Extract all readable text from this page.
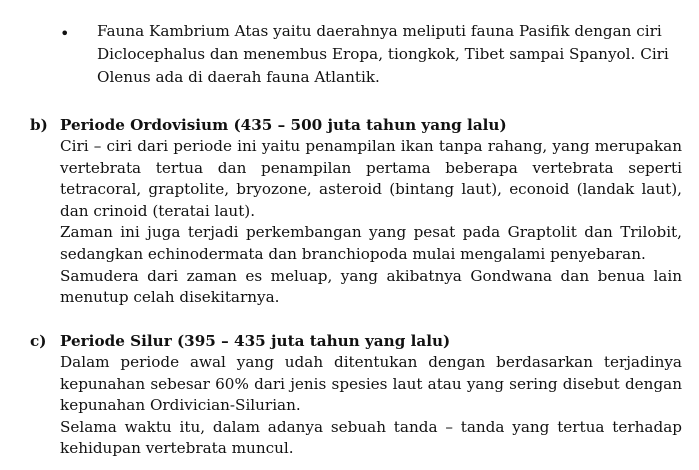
• Fauna Kambrium Atas yaitu daerahnya meliputi fauna Pasifik dengan ciri Diclocephalus dan menembus Eropa, tiongkok, Tibet sampai Spanyol. Ciri Olenus ada di daerah fauna Atlantik.
b) Periode Ordovisium (435 – 500 juta tahun yang lalu)

Ciri – ciri dari periode ini yaitu penampilan ikan tanpa rahang, yang merupakan vertebrata tertua dan penampilan pertama beberapa vertebrata seperti tetracoral, graptolite, bryozone, asteroid (bintang laut), econoid (landak laut), dan crinoid (teratai laut).

Zaman ini juga terjadi perkembangan yang pesat pada Graptolit dan Trilobit, sedangkan echinodermata dan branchiopoda mulai mengalami penyebaran.

Samudera dari zaman es meluap, yang akibatnya Gondwana dan benua lain menutup celah disekitarnya.

c) Periode Silur (395 – 435 juta tahun yang lalu)

Dalam periode awal yang udah ditentukan dengan berdasarkan terjadinya kepunahan sebesar 60% dari jenis spesies laut atau yang sering disebut dengan kepunahan Ordivician-Silurian.

Selama waktu itu, dalam adanya sebuah tanda – tanda yang tertua terhadap kehidupan vertebrata muncul.
